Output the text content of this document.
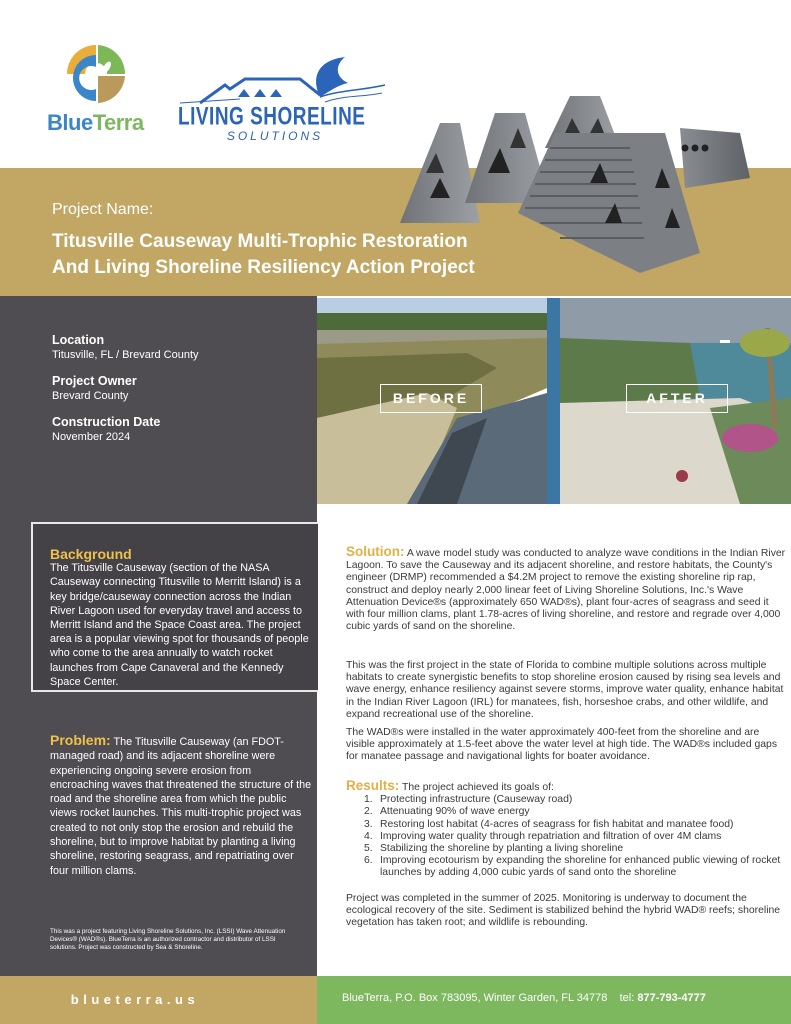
BlueTerra LIVING SHORELINE
SOLUTIONS
Project Name:
Titusville Causeway Multi-Trophic Restoration
And Living Shoreline Resiliency Action Project
Location
Titusville, FL / Brevard County
Project Owner
Brevard County
Construction Date
November 2024
Background
The Titusville Causeway (section of the NASA Causeway connecting Titusville to Merritt Island) is a key bridge/causeway connection across the Indian River Lagoon used for everyday travel and access to Merritt Island and the Space Coast area. The project area is a popular viewing spot for thousands of people who come to the area annually to watch rocket launches from Cape Canaveral and the Kennedy Space Center.
Problem: The Titusville Causeway (an FDOT-managed road) and its adjacent shoreline were experiencing ongoing severe erosion from encroaching waves that threatened the structure of the road and the shoreline area from which the public views rocket launches. This multi-trophic project was created to not only stop the erosion and rebuild the shoreline, but to improve habitat by planting a living shoreline, restoring seagrass, and repatriating over four million clams.
This was a project featuring Living Shoreline Solutions, Inc. (LSSI) Wave Attenuation Devices® (WAD®s). BlueTerra is an authorized contractor and distributor of LSSI solutions. Project was constructed by Sea & Shoreline.
BEFORE	AFTER
Solution: A wave model study was conducted to analyze wave conditions in the Indian River Lagoon. To save the Causeway and its adjacent shoreline, and restore habitats, the County's engineer (DRMP) recommended a $4.2M project to remove the existing shoreline rip rap, construct and deploy nearly 2,000 linear feet of Living Shoreline Solutions, Inc.'s Wave Attenuation Device®s (approximately 650 WAD®s), plant four-acres of seagrass and seed it with four million clams, plant 1.78-acres of living shoreline, and restore and regrade over 4,000 cubic yards of sand on the shoreline.
This was the first project in the state of Florida to combine multiple solutions across multiple habitats to create synergistic benefits to stop shoreline erosion caused by rising sea levels and wave energy, enhance resiliency against severe storms, improve water quality, enhance habitat in the Indian River Lagoon (IRL) for manatees, fish, horseshoe crabs, and other wildlife, and expand recreational use of the shoreline.
The WAD®s were installed in the water approximately 400-feet from the shoreline and are visible approximately at 1.5-feet above the water level at high tide. The WAD®s included gaps for manatee passage and navigational lights for boater avoidance.
Results: The project achieved its goals of:
1. Protecting infrastructure (Causeway road)
2. Attenuating 90% of wave energy
3. Restoring lost habitat (4-acres of seagrass for fish habitat and manatee food)
4. Improving water quality through repatriation and filtration of over 4M clams
5. Stabilizing the shoreline by planting a living shoreline
6. Improving ecotourism by expanding the shoreline for enhanced public viewing of rocket launches by adding 4,000 cubic yards of sand onto the shoreline
Project was completed in the summer of 2025. Monitoring is underway to document the ecological recovery of the site. Sediment is stabilized behind the hybrid WAD® reefs; shoreline vegetation has taken root; and wildlife is rebounding.
blueterra.us	BlueTerra, P.O. Box 783095, Winter Garden, FL 34778 tel: 877-793-4777
